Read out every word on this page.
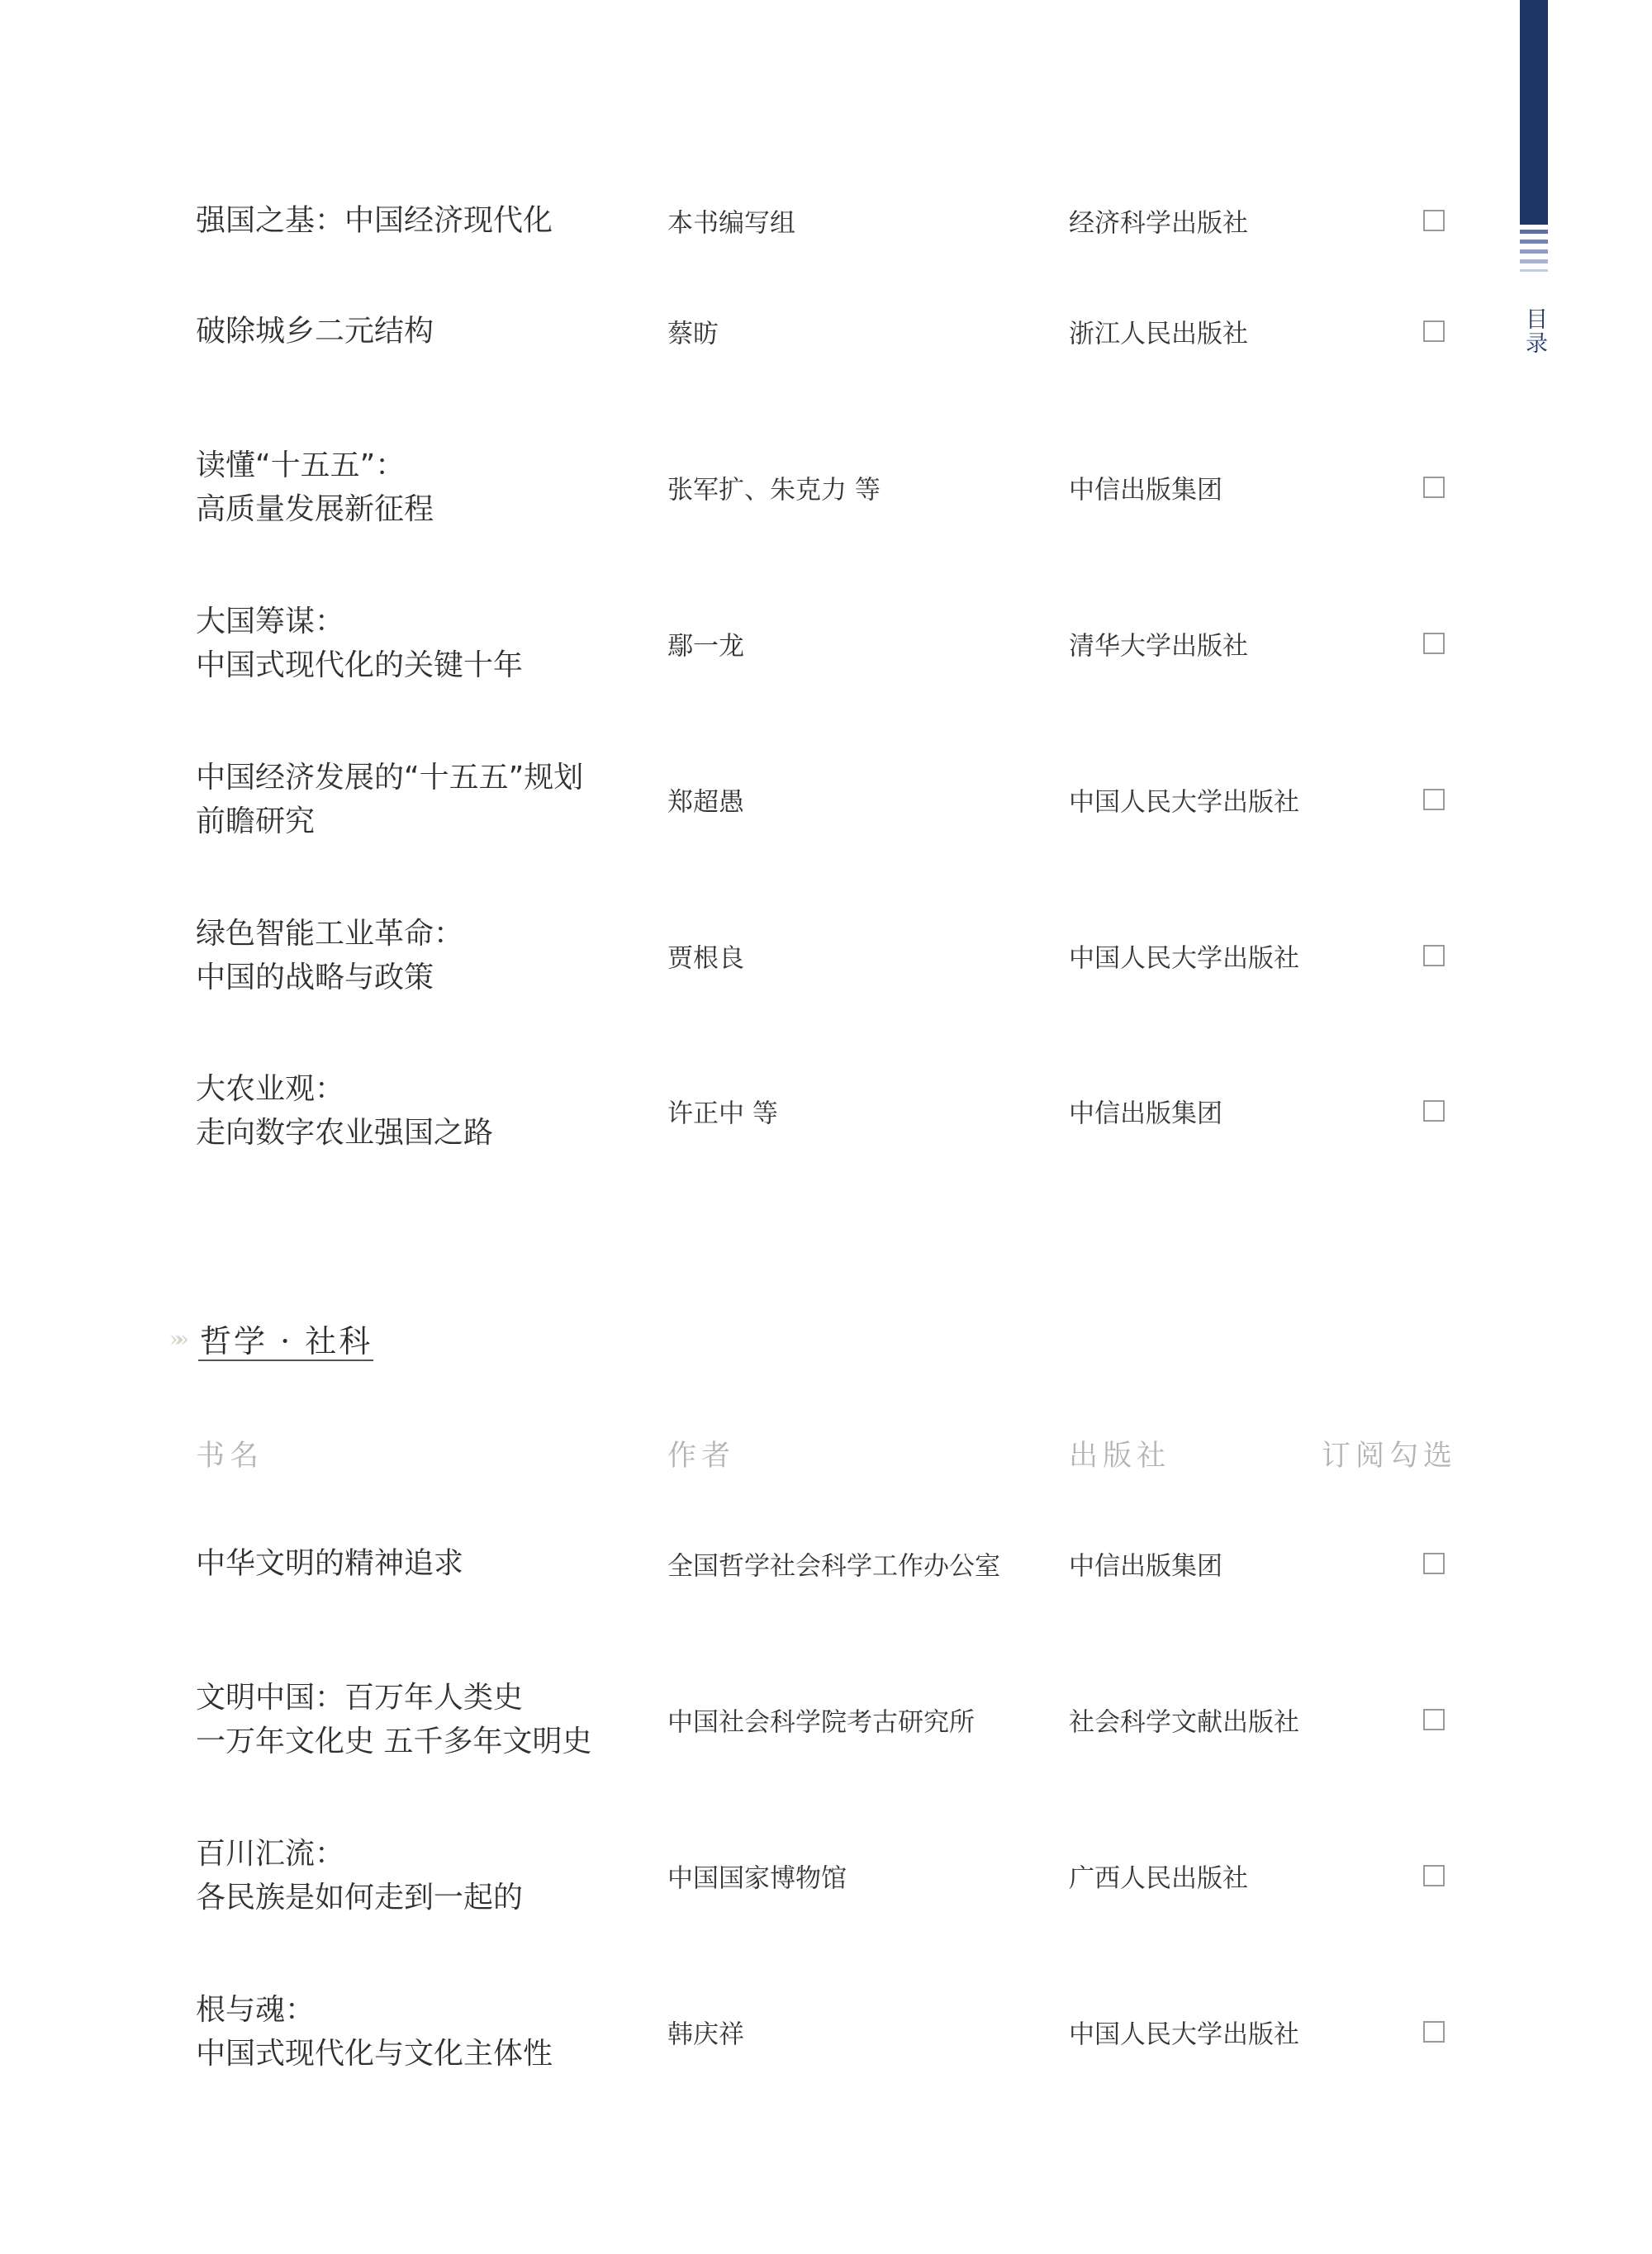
目录
强国之基：中国经济现代化	本书编写组	经济科学出版社
破除城乡二元结构	蔡昉	浙江人民出版社
读懂“十五五”：
高质量发展新征程
张军扩、朱克力 等	中信出版集团
大国筹谋：
中国式现代化的关键十年
鄢一龙	清华大学出版社
中国经济发展的“十五五”规划
前瞻研究
郑超愚	中国人民大学出版社
绿色智能工业革命：
中国的战略与政策
贾根良	中国人民大学出版社
大农业观：
走向数字农业强国之路
许正中 等	中信出版集团
»» 哲学 · 社科
书名	作者	出版社	订阅勾选
中华文明的精神追求	全国哲学社会科学工作办公室	中信出版集团
文明中国：百万年人类史
一万年文化史 五千多年文明史
中国社会科学院考古研究所	社会科学文献出版社
百川汇流：
各民族是如何走到一起的
中国国家博物馆	广西人民出版社
根与魂：
中国式现代化与文化主体性
韩庆祥	中国人民大学出版社
